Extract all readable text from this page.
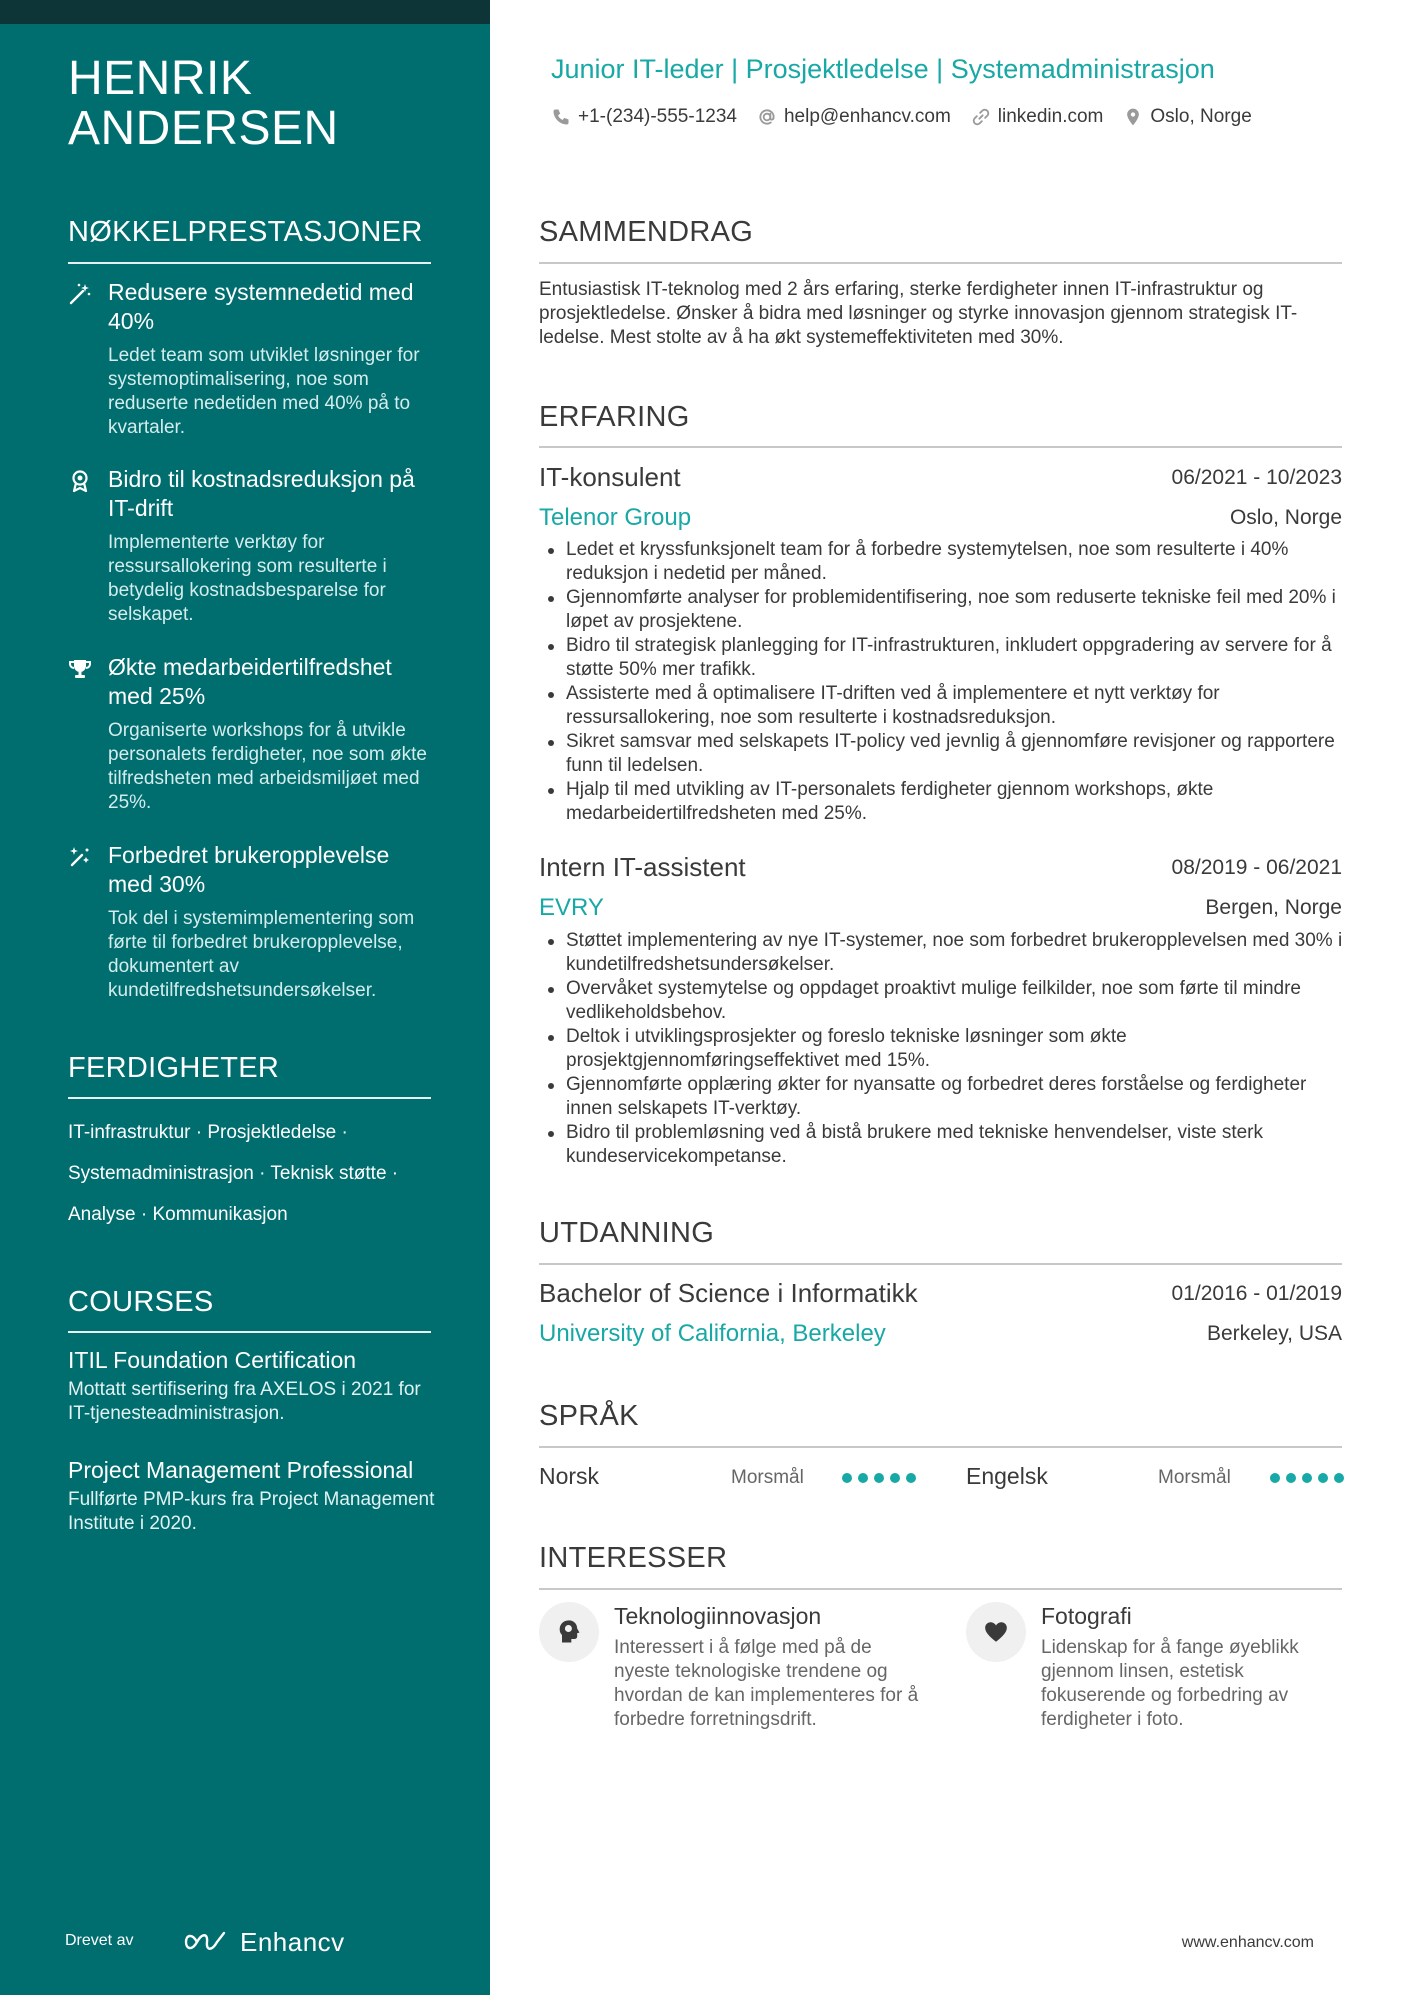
HENRIK
ANDERSEN
NØKKELPRESTASJONER
Redusere systemnedetid med 40%
Ledet team som utviklet løsninger for systemoptimalisering, noe som reduserte nedetiden med 40% på to kvartaler.
Bidro til kostnadsreduksjon på IT-drift
Implementerte verktøy for ressursallokering som resulterte i betydelig kostnadsbesparelse for selskapet.
Økte medarbeidertilfredshet med 25%
Organiserte workshops for å utvikle personalets ferdigheter, noe som økte tilfredsheten med arbeidsmiljøet med 25%.
Forbedret brukeropplevelse med 30%
Tok del i systemimplementering som førte til forbedret brukeropplevelse, dokumentert av kundetilfredshetsundersøkelser.
FERDIGHETER
IT-infrastruktur · Prosjektledelse ·
Systemadministrasjon · Teknisk støtte ·
Analyse · Kommunikasjon
COURSES
ITIL Foundation Certification
Mottatt sertifisering fra AXELOS i 2021 for IT-tjenesteadministrasjon.
Project Management Professional
Fullførte PMP-kurs fra Project Management Institute i 2020.
Drevet av	Enhancv
Junior IT-leder | Prosjektledelse | Systemadministrasjon
+1-(234)-555-1234 help@enhancv.com linkedin.com Oslo, Norge
SAMMENDRAG
Entusiastisk IT-teknolog med 2 års erfaring, sterke ferdigheter innen IT-infrastruktur og prosjektledelse. Ønsker å bidra med løsninger og styrke innovasjon gjennom strategisk IT-ledelse. Mest stolte av å ha økt systemeffektiviteten med 30%.
ERFARING
IT-konsulent	06/2021 - 10/2023
Telenor Group	Oslo, Norge
Ledet et kryssfunksjonelt team for å forbedre systemytelsen, noe som resulterte i 40% reduksjon i nedetid per måned.
Gjennomførte analyser for problemidentifisering, noe som reduserte tekniske feil med 20% i løpet av prosjektene.
Bidro til strategisk planlegging for IT-infrastrukturen, inkludert oppgradering av servere for å støtte 50% mer trafikk.
Assisterte med å optimalisere IT-driften ved å implementere et nytt verktøy for ressursallokering, noe som resulterte i kostnadsreduksjon.
Sikret samsvar med selskapets IT-policy ved jevnlig å gjennomføre revisjoner og rapportere funn til ledelsen.
Hjalp til med utvikling av IT-personalets ferdigheter gjennom workshops, økte medarbeidertilfredsheten med 25%.
Intern IT-assistent	08/2019 - 06/2021
EVRY	Bergen, Norge
Støttet implementering av nye IT-systemer, noe som forbedret brukeropplevelsen med 30% i kundetilfredshetsundersøkelser.
Overvåket systemytelse og oppdaget proaktivt mulige feilkilder, noe som førte til mindre vedlikeholdsbehov.
Deltok i utviklingsprosjekter og foreslo tekniske løsninger som økte prosjektgjennomføringseffektivet med 15%.
Gjennomførte opplæring økter for nyansatte og forbedret deres forståelse og ferdigheter innen selskapets IT-verktøy.
Bidro til problemløsning ved å bistå brukere med tekniske henvendelser, viste sterk kundeservicekompetanse.
UTDANNING
Bachelor of Science i Informatikk	01/2016 - 01/2019
University of California, Berkeley	Berkeley, USA
SPRÅK
Norsk	Morsmål	Engelsk	Morsmål
INTERESSER
Teknologiinnovasjon
Interessert i å følge med på de nyeste teknologiske trendene og hvordan de kan implementeres for å forbedre forretningsdrift.
Fotografi
Lidenskap for å fange øyeblikk gjennom linsen, estetisk fokuserende og forbedring av ferdigheter i foto.
www.enhancv.com
